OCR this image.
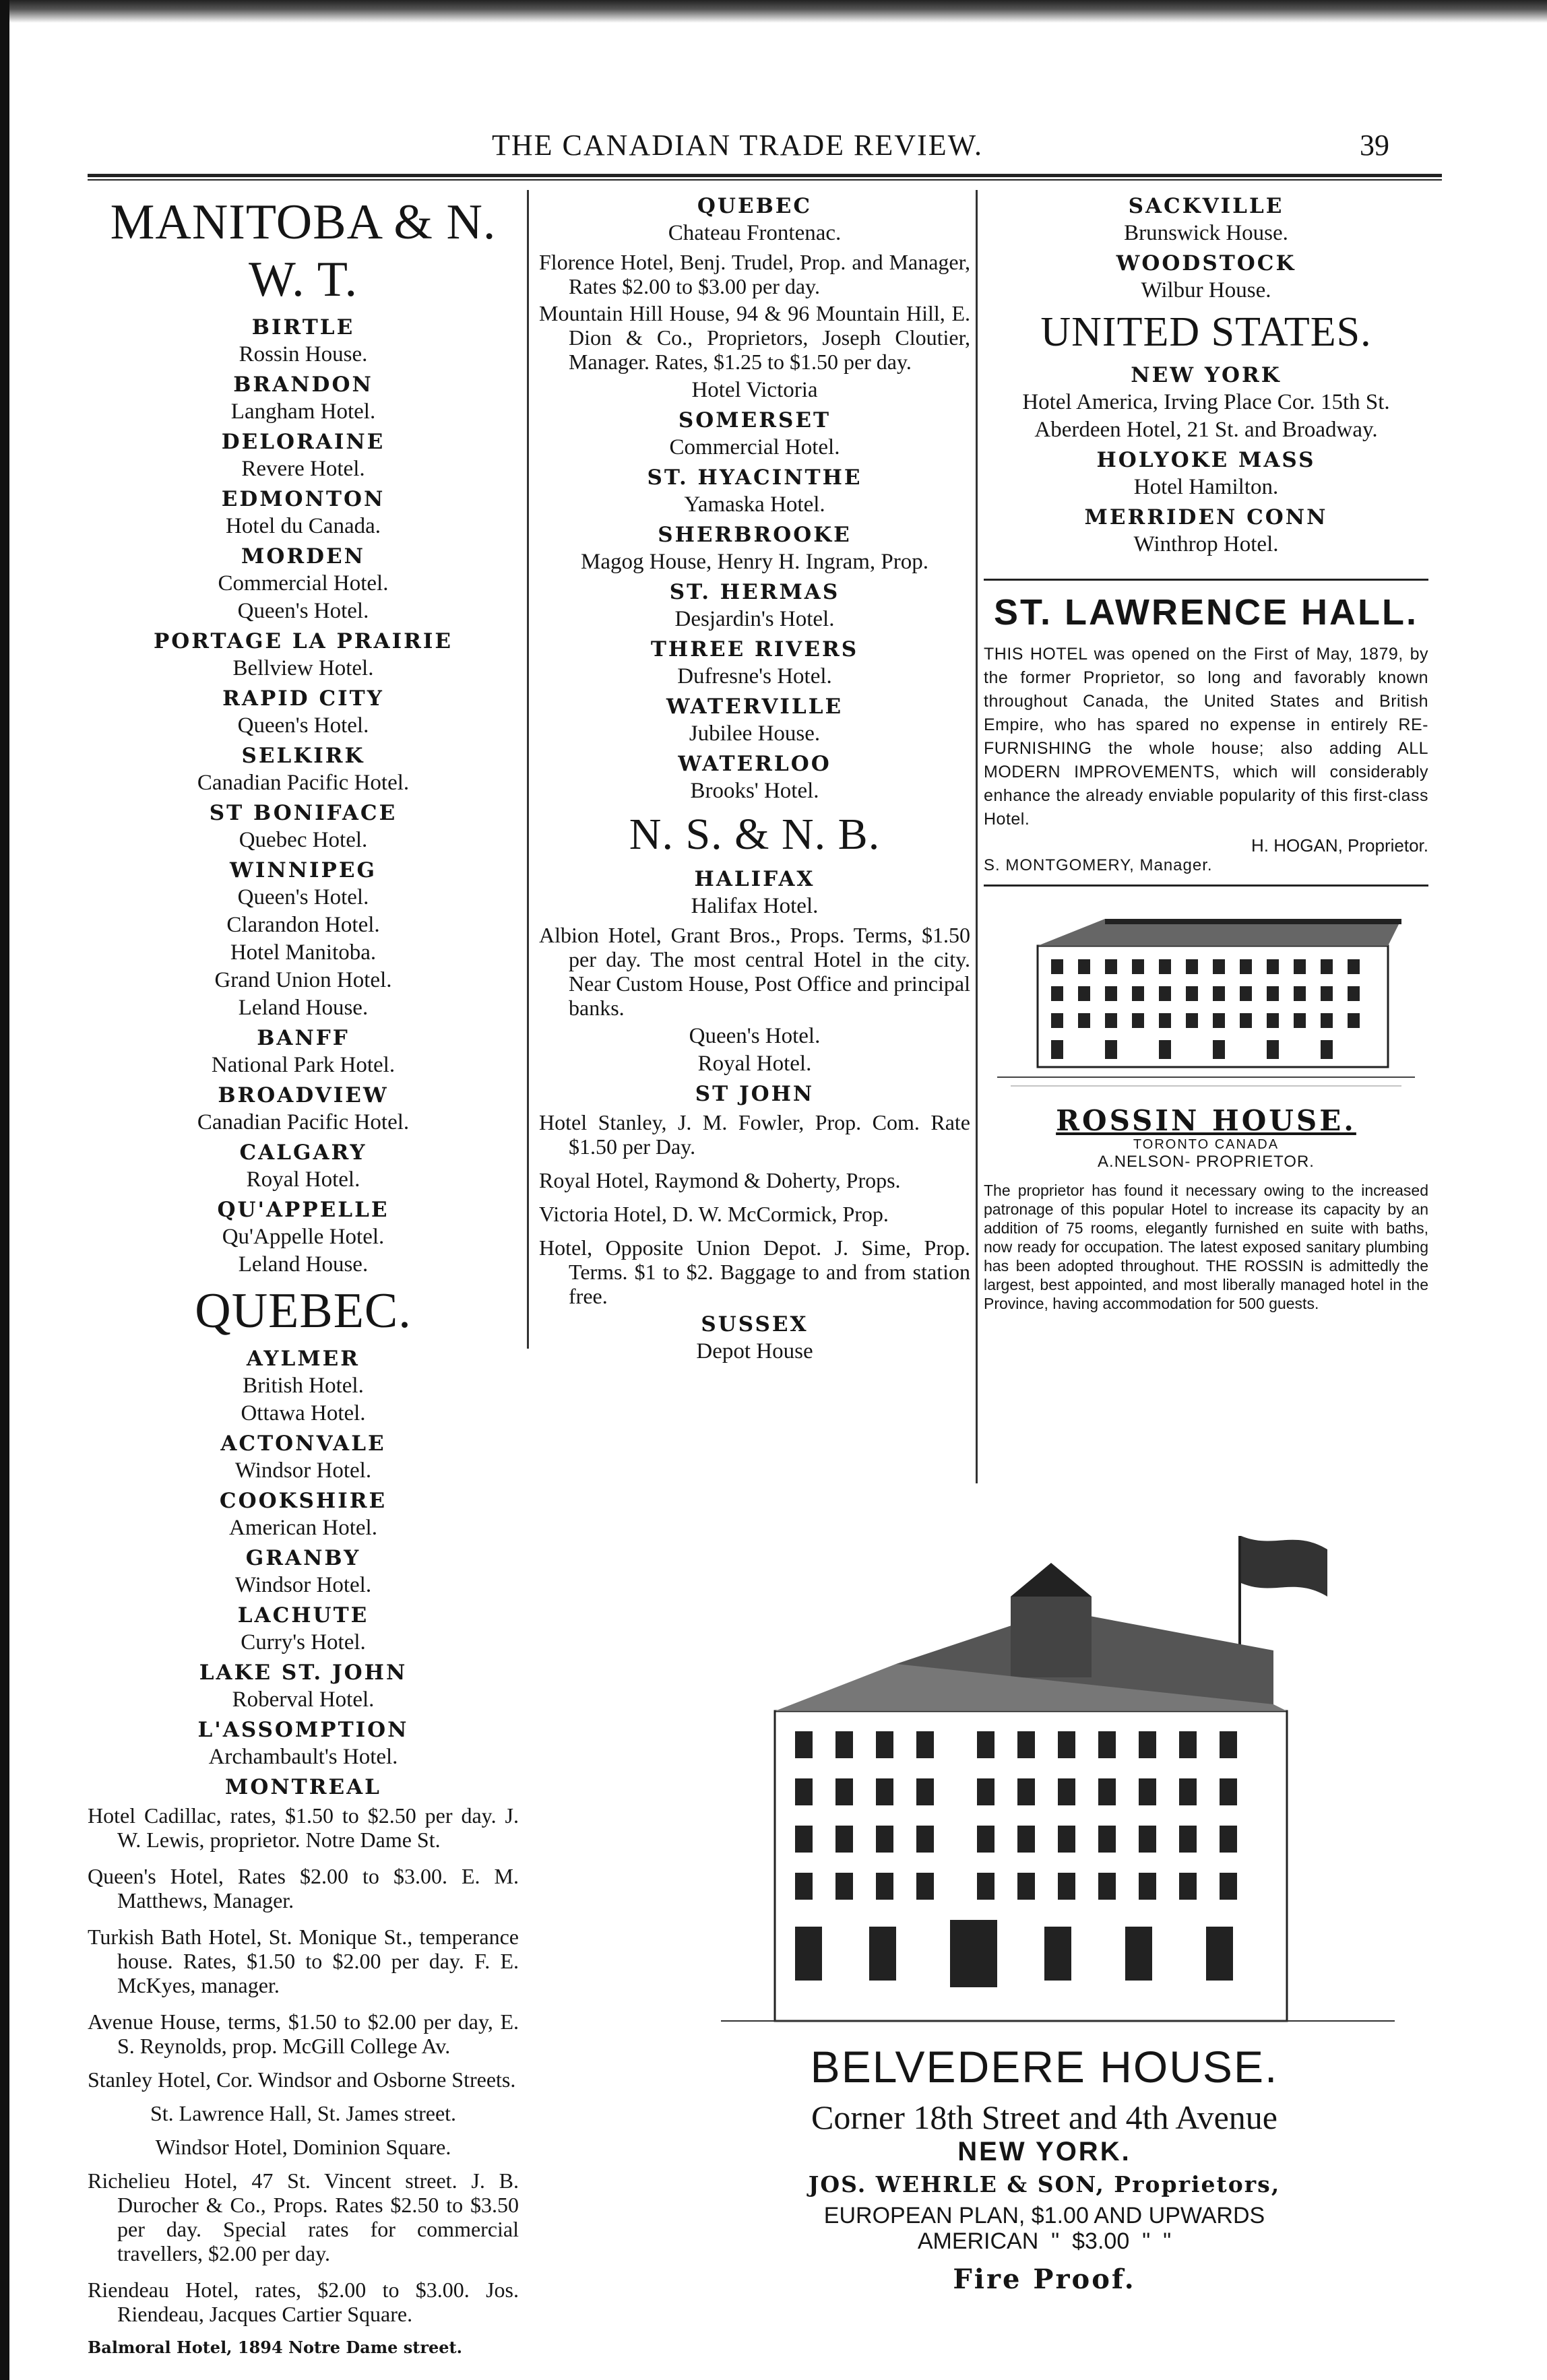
THE CANADIAN TRADE REVIEW.	39
MANITOBA & N. W. T.
BIRTLE
Rossin House.
BRANDON
Langham Hotel.
DELORAINE
Revere Hotel.
EDMONTON
Hotel du Canada.
MORDEN
Commercial Hotel.
Queen's Hotel.
PORTAGE LA PRAIRIE
Bellview Hotel.
RAPID CITY
Queen's Hotel.
SELKIRK
Canadian Pacific Hotel.
ST BONIFACE
Quebec Hotel.
WINNIPEG
Queen's Hotel.
Clarandon Hotel.
Hotel Manitoba.
Grand Union Hotel.
Leland House.
BANFF
National Park Hotel.
BROADVIEW
Canadian Pacific Hotel.
CALGARY
Royal Hotel.
QU'APPELLE
Qu'Appelle Hotel.
Leland House.
QUEBEC.
AYLMER
British Hotel.
Ottawa Hotel.
ACTONVALE
Windsor Hotel.
COOKSHIRE
American Hotel.
GRANBY
Windsor Hotel.
LACHUTE
Curry's Hotel.
LAKE ST. JOHN
Roberval Hotel.
L'ASSOMPTION
Archambault's Hotel.
MONTREAL
Hotel Cadillac, rates, $1.50 to $2.50 per day. J. W. Lewis, proprietor. Notre Dame St.
Queen's Hotel, Rates $2.00 to $3.00. E. M. Matthews, Manager.
Turkish Bath Hotel, St. Monique St., temperance house. Rates, $1.50 to $2.00 per day. F. E. McKyes, manager.
Avenue House, terms, $1.50 to $2.00 per day, E. S. Reynolds, prop. McGill College Av.
Stanley Hotel, Cor. Windsor and Osborne Streets.
St. Lawrence Hall, St. James street.
Windsor Hotel, Dominion Square.
Richelieu Hotel, 47 St. Vincent street. J. B. Durocher & Co., Props. Rates $2.50 to $3.50 per day. Special rates for commercial travellers, $2.00 per day.
Riendeau Hotel, rates, $2.00 to $3.00. Jos. Riendeau, Jacques Cartier Square.
Balmoral Hotel, 1894 Notre Dame street.
QUEBEC
Chateau Frontenac.
Florence Hotel, Benj. Trudel, Prop. and Manager, Rates $2.00 to $3.00 per day.
Mountain Hill House, 94 & 96 Mountain Hill, E. Dion & Co., Proprietors, Joseph Cloutier, Manager. Rates, $1.25 to $1.50 per day.
Hotel Victoria
SOMERSET
Commercial Hotel.
ST. HYACINTHE
Yamaska Hotel.
SHERBROOKE
Magog House, Henry H. Ingram, Prop.
ST. HERMAS
Desjardin's Hotel.
THREE RIVERS
Dufresne's Hotel.
WATERVILLE
Jubilee House.
WATERLOO
Brooks' Hotel.
N. S. & N. B.
HALIFAX
Halifax Hotel.
Albion Hotel, Grant Bros., Props. Terms, $1.50 per day. The most central Hotel in the city. Near Custom House, Post Office and principal banks.
Queen's Hotel.
Royal Hotel.
ST JOHN
Hotel Stanley, J. M. Fowler, Prop. Com. Rate $1.50 per Day.
Royal Hotel, Raymond & Doherty, Props.
Victoria Hotel, D. W. McCormick, Prop.
Hotel, Opposite Union Depot. J. Sime, Prop. Terms. $1 to $2. Baggage to and from station free.
SUSSEX
Depot House
SACKVILLE
Brunswick House.
WOODSTOCK
Wilbur House.
UNITED STATES.
NEW YORK
Hotel America, Irving Place Cor. 15th St.
Aberdeen Hotel, 21 St. and Broadway.
HOLYOKE MASS
Hotel Hamilton.
MERRIDEN CONN
Winthrop Hotel.
ST. LAWRENCE HALL.
THIS HOTEL was opened on the First of May, 1879, by the former Proprietor, so long and favorably known throughout Canada, the United States and British Empire, who has spared no expense in entirely RE-FURNISHING the whole house; also adding ALL MODERN IMPROVEMENTS, which will considerably enhance the already enviable popularity of this first-class Hotel.
H. HOGAN, Proprietor.
S. MONTGOMERY, Manager.
ROSSIN HOUSE.
TORONTO CANADA
A.NELSON- PROPRIETOR.
The proprietor has found it necessary owing to the increased patronage of this popular Hotel to increase its capacity by an addition of 75 rooms, elegantly furnished en suite with baths, now ready for occupation. The latest exposed sanitary plumbing has been adopted throughout. THE ROSSIN is admittedly the largest, best appointed, and most liberally managed hotel in the Province, having accommodation for 500 guests.
BELVEDERE HOUSE.
Corner 18th Street and 4th Avenue
NEW YORK.
JOS. WEHRLE & SON, Proprietors,
EUROPEAN PLAN, $1.00 AND UPWARDS
AMERICAN  "  $3.00  "  "
Fire Proof.
